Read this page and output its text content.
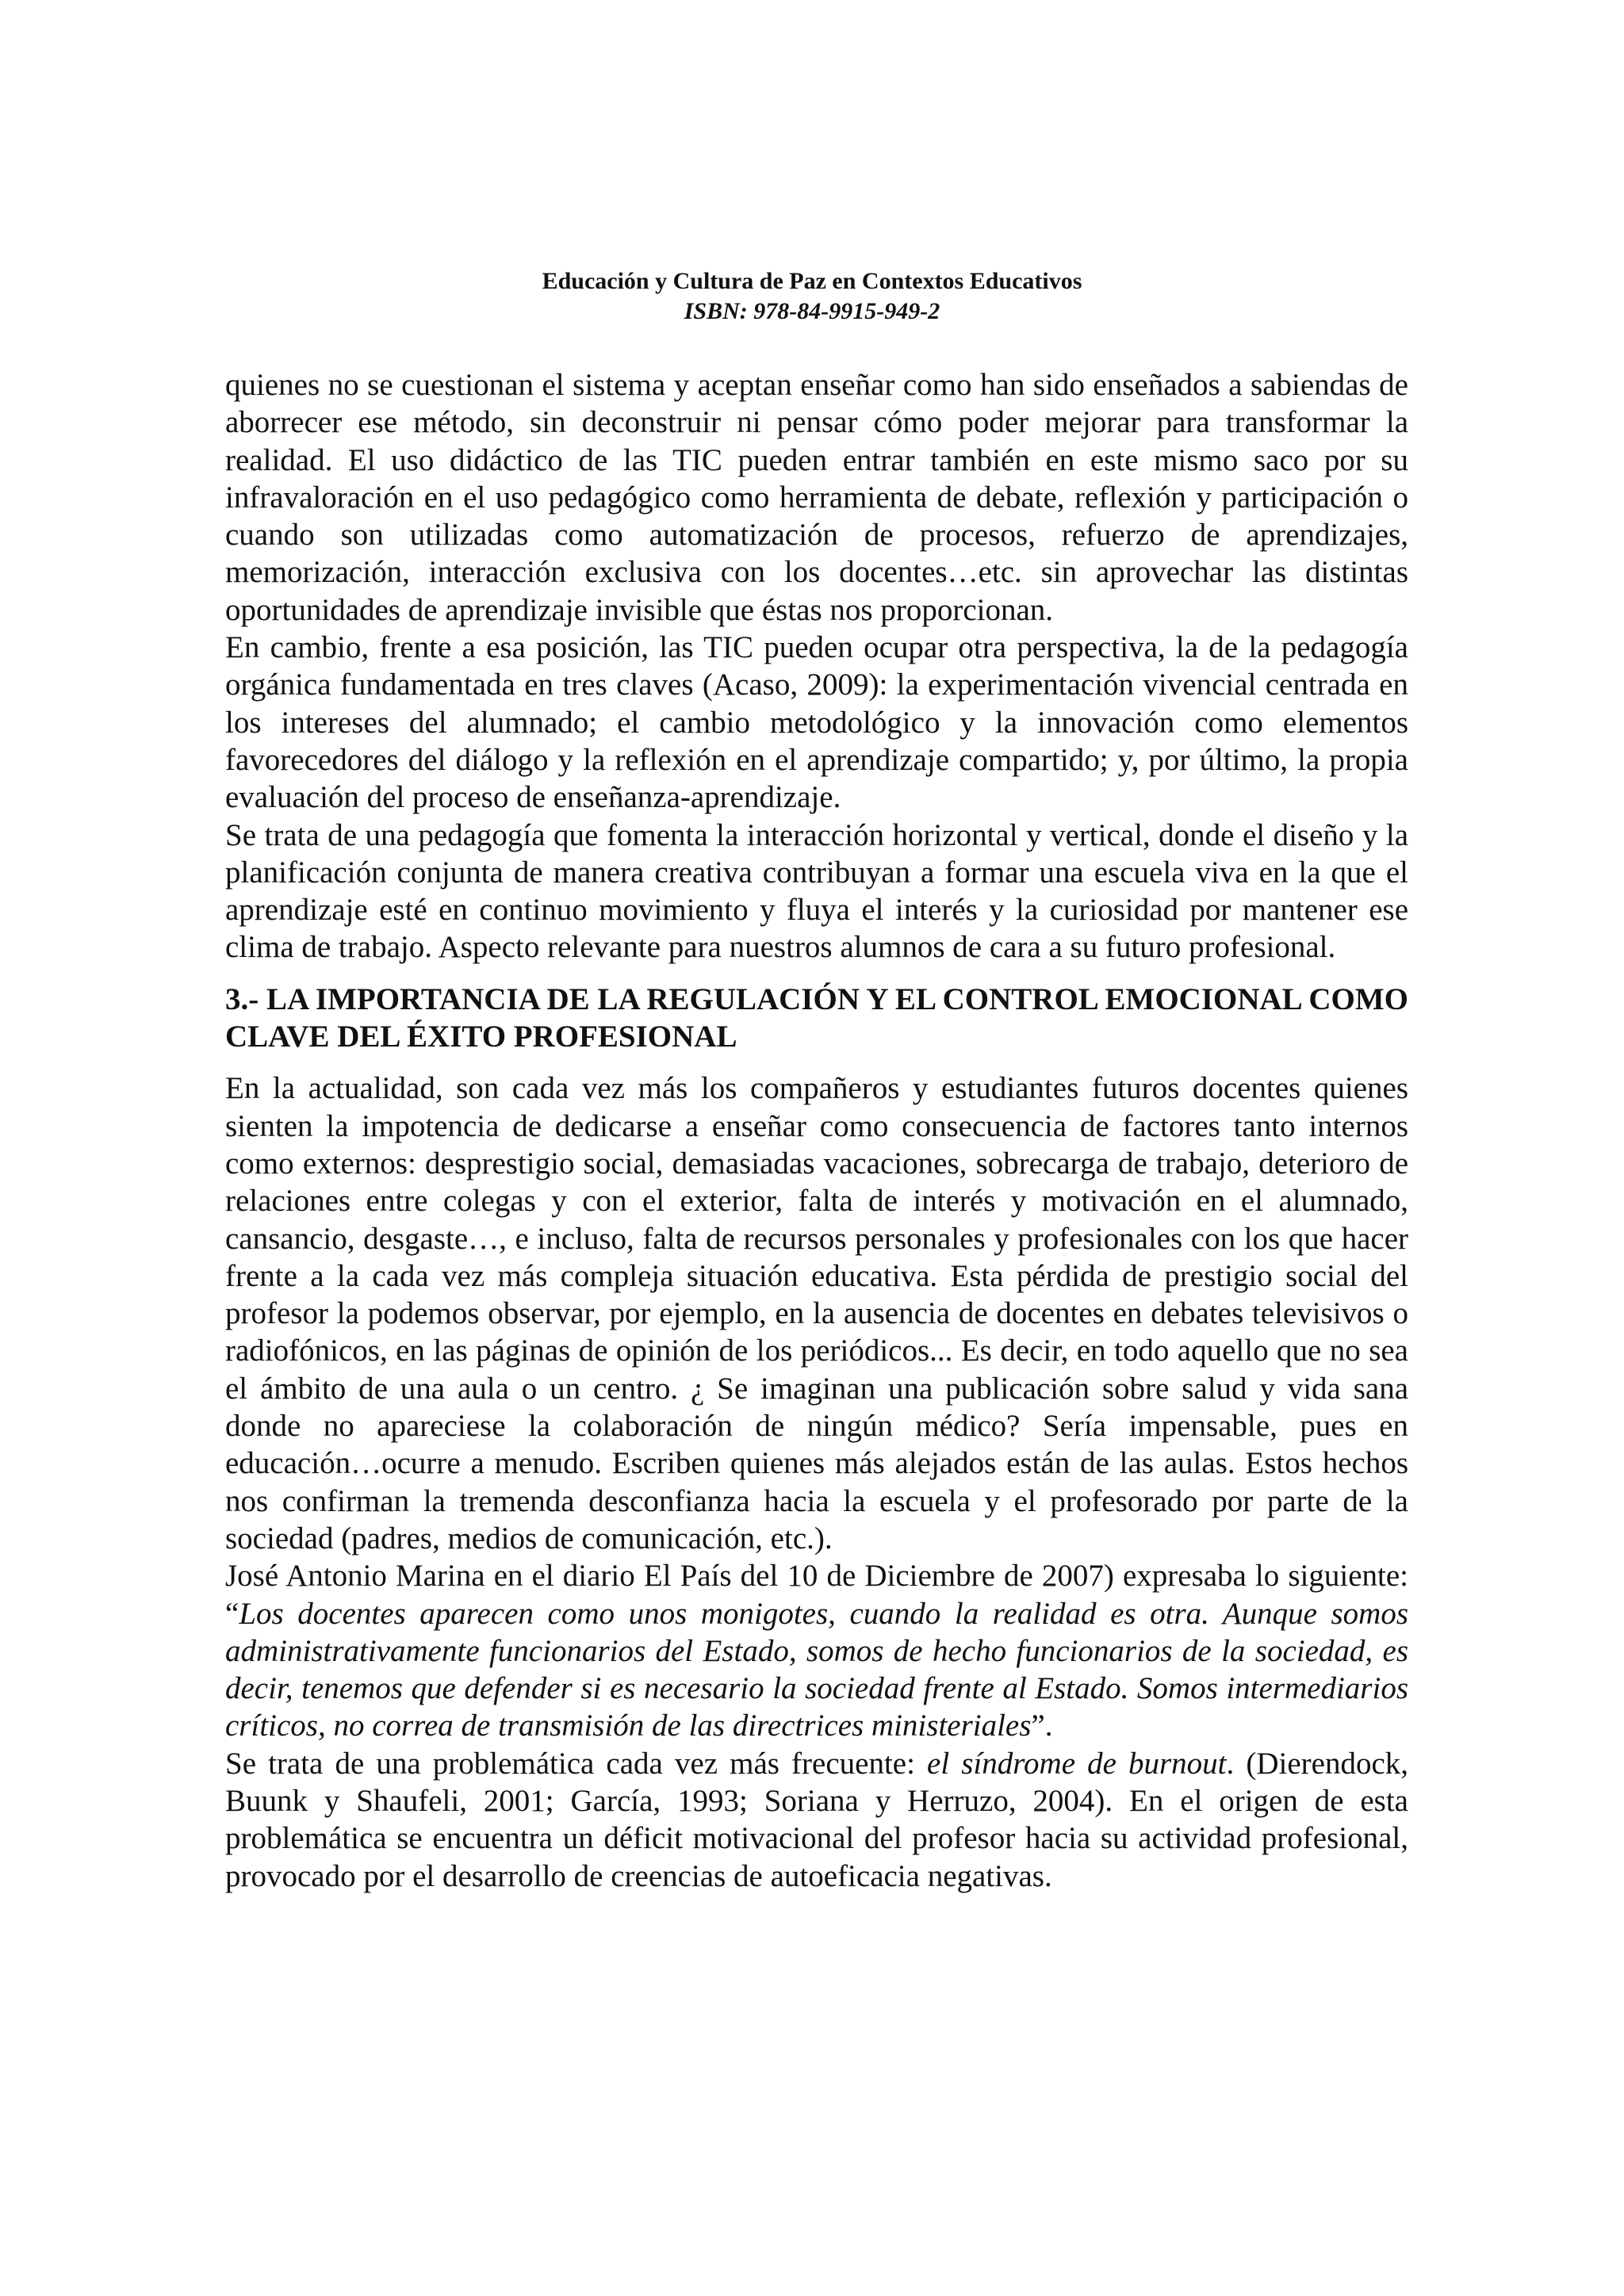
Educación y Cultura de Paz en Contextos Educativos
ISBN: 978-84-9915-949-2

quienes no se cuestionan el sistema y aceptan enseñar como han sido enseñados a sabiendas de aborrecer ese método, sin deconstruir ni pensar cómo poder mejorar para transformar la realidad. El uso didáctico de las TIC pueden entrar también en este mismo saco por su infravaloración en el uso pedagógico como herramienta de debate, reflexión y participación o cuando son utilizadas como automatización de procesos, refuerzo de aprendizajes, memorización, interacción exclusiva con los docentes…etc. sin aprovechar las distintas oportunidades de aprendizaje invisible que éstas nos proporcionan.

En cambio, frente a esa posición, las TIC pueden ocupar otra perspectiva, la de la pedagogía orgánica fundamentada en tres claves (Acaso, 2009): la experimentación vivencial centrada en los intereses del alumnado; el cambio metodológico y la innovación como elementos favorecedores del diálogo y la reflexión en el aprendizaje compartido; y, por último, la propia evaluación del proceso de enseñanza-aprendizaje.

Se trata de una pedagogía que fomenta la interacción horizontal y vertical, donde el diseño y la planificación conjunta de manera creativa contribuyan a formar una escuela viva en la que el aprendizaje esté en continuo movimiento y fluya el interés y la curiosidad por mantener ese clima de trabajo. Aspecto relevante para nuestros alumnos de cara a su futuro profesional.

3.- LA IMPORTANCIA DE LA REGULACIÓN Y EL CONTROL EMOCIONAL COMO CLAVE DEL ÉXITO PROFESIONAL

En la actualidad, son cada vez más los compañeros y estudiantes futuros docentes quienes sienten la impotencia de dedicarse a enseñar como consecuencia de factores tanto internos como externos: desprestigio social, demasiadas vacaciones, sobrecarga de trabajo, deterioro de relaciones entre colegas y con el exterior, falta de interés y motivación en el alumnado, cansancio, desgaste…, e incluso, falta de recursos personales y profesionales con los que hacer frente a la cada vez más compleja situación educativa. Esta pérdida de prestigio social del profesor la podemos observar, por ejemplo, en la ausencia de docentes en debates televisivos o radiofónicos, en las páginas de opinión de los periódicos... Es decir, en todo aquello que no sea el ámbito de una aula o un centro. ¿ Se imaginan una publicación sobre salud y vida sana donde no apareciese la colaboración de ningún médico? Sería impensable, pues en educación…ocurre a menudo. Escriben quienes más alejados están de las aulas. Estos hechos nos confirman la tremenda desconfianza hacia la escuela y el profesorado por parte de la sociedad (padres, medios de comunicación, etc.).

José Antonio Marina en el diario El País del 10 de Diciembre de 2007) expresaba lo siguiente: “Los docentes aparecen como unos monigotes, cuando la realidad es otra. Aunque somos administrativamente funcionarios del Estado, somos de hecho funcionarios de la sociedad, es decir, tenemos que defender si es necesario la sociedad frente al Estado. Somos intermediarios críticos, no correa de transmisión de las directrices ministeriales”.

Se trata de una problemática cada vez más frecuente: el síndrome de burnout. (Dierendock, Buunk y Shaufeli, 2001; García, 1993; Soriana y Herruzo, 2004). En el origen de esta problemática se encuentra un déficit motivacional del profesor hacia su actividad profesional, provocado por el desarrollo de creencias de autoeficacia negativas.
